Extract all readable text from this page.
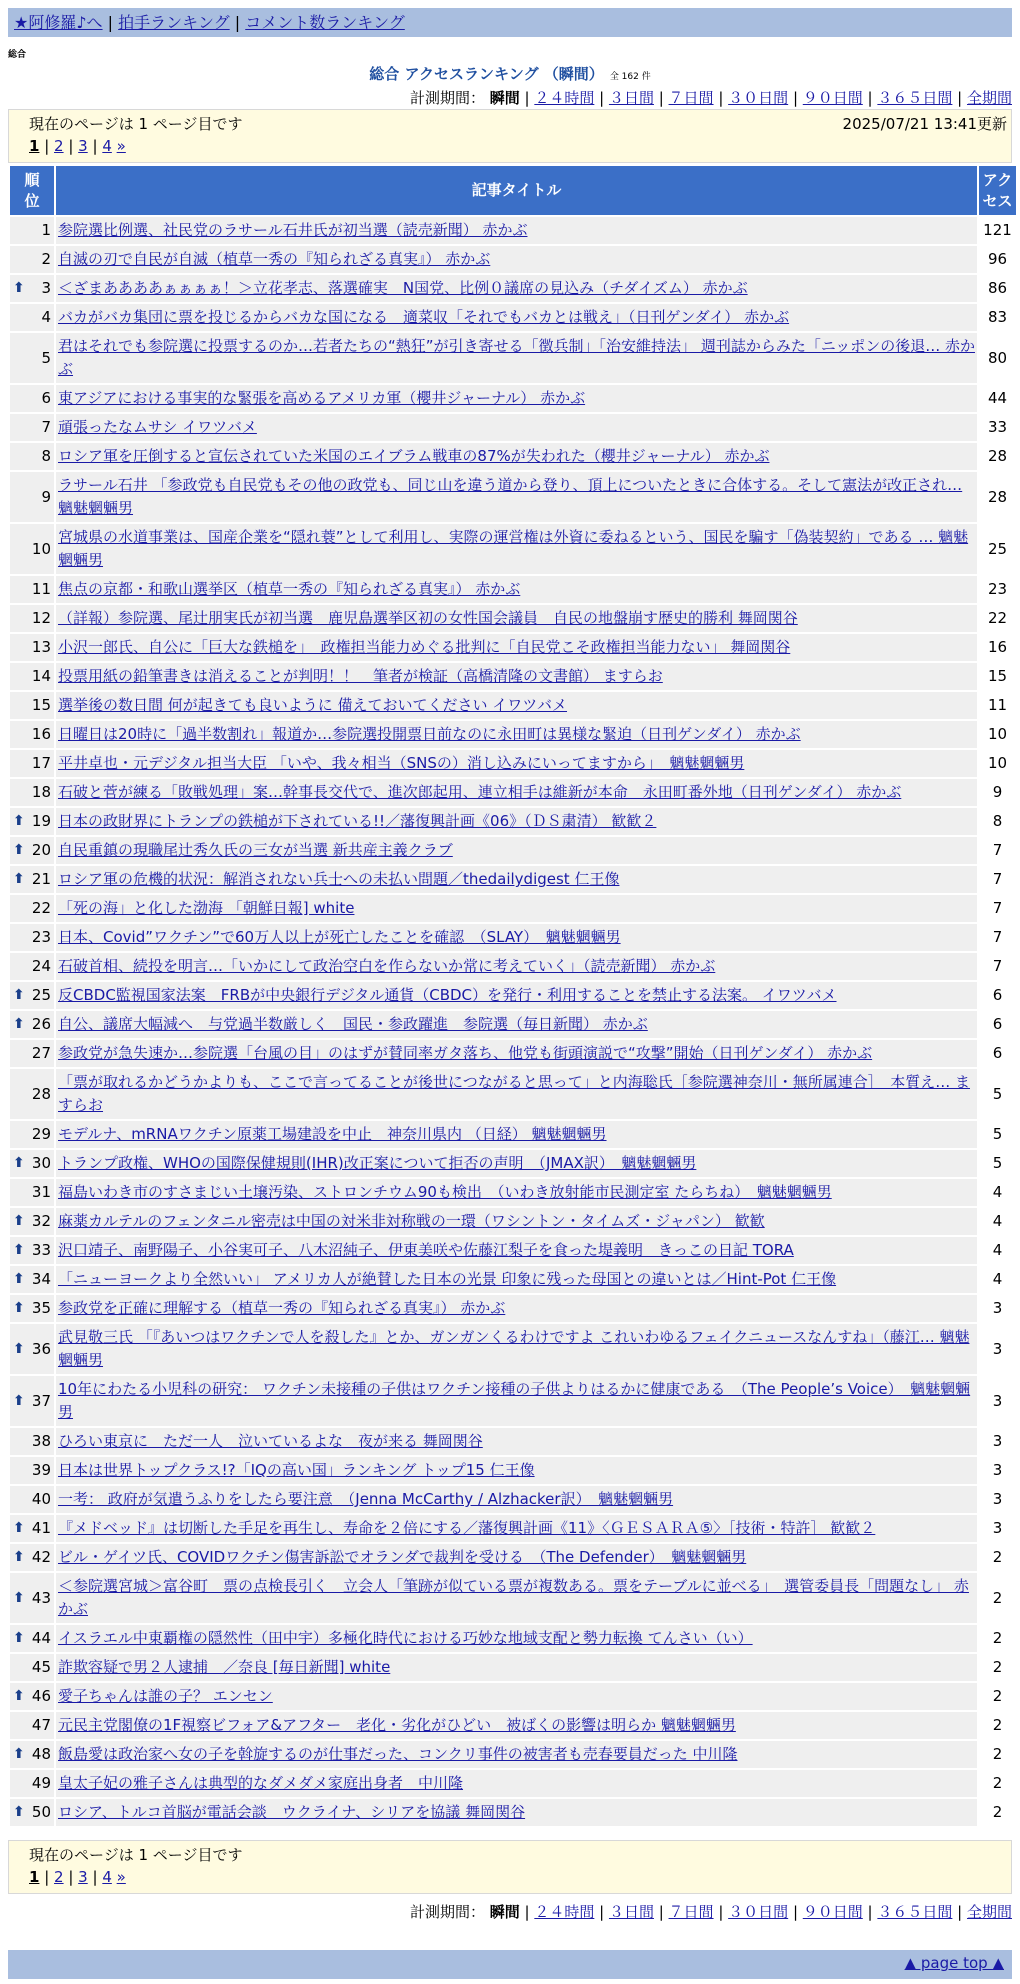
★阿修羅♪へ | 拍手ランキング | コメント数ランキング
総合
総合 アクセスランキング （瞬間） 全 162 件
計測期間： 瞬間 | ２４時間 | ３日間 | ７日間 | ３０日間 | ９０日間 | ３６５日間 | 全期間
現在のページは 1 ページ目です	2025/07/21 13:41更新
1 | 2 | 3 | 4 »
順
位	記事タイトル	アク
セス
1	参院選比例選、社民党のラサール石井氏が初当選（読売新聞） 赤かぶ	121
2	自滅の刃で自民が自滅（植草一秀の『知られざる真実』） 赤かぶ	96

⬆ 3	＜ざまああああぁぁぁぁ！＞立花孝志、落選確実　N国党、比例０議席の見込み（チダイズム） 赤かぶ	86
4	バカがバカ集団に票を投じるからバカな国になる　適菜収「それでもバカとは戦え」（日刊ゲンダイ） 赤かぶ	83
5	君はそれでも参院選に投票するのか…若者たちの“熱狂”が引き寄せる「徴兵制」「治安維持法」 週刊誌からみた「ニッポンの後退… 赤かぶ	80
6	東アジアにおける事実的な緊張を高めるアメリカ軍（櫻井ジャーナル） 赤かぶ	44
7	頑張ったなムサシ イワツバメ	33
8	ロシア軍を圧倒すると宣伝されていた米国のエイブラム戦車の87%が失われた（櫻井ジャーナル） 赤かぶ	28
9	ラサール石井 「参政党も自民党もその他の政党も、同じ山を違う道から登り、頂上についたときに合体する。そして憲法が改正され… 魑魅魍魎男	28
10	宮城県の水道事業は、国産企業を“隠れ蓑”として利用し、実際の運営権は外資に委ねるという、国民を騙す「偽装契約」である … 魑魅魍魎男	25
11	焦点の京都・和歌山選挙区（植草一秀の『知られざる真実』） 赤かぶ	23
12	（詳報）参院選、尾辻朋実氏が初当選　鹿児島選挙区初の女性国会議員　自民の地盤崩す歴史的勝利 舞岡関谷	22
13	小沢一郎氏、自公に「巨大な鉄槌を」　政権担当能力めぐる批判に「自民党こそ政権担当能力ない」 舞岡関谷	16
14	投票用紙の鉛筆書きは消えることが判明！！　筆者が検証（高橋清隆の文書館） ますらお	15
15	選挙後の数日間 何が起きても良いように 備えておいてください イワツバメ	11
16	日曜日は20時に「過半数割れ」報道か…参院選投開票日前なのに永田町は異様な緊迫（日刊ゲンダイ） 赤かぶ	10
17	平井卓也・元デジタル担当大臣 「いや、我々相当（SNSの）消し込みにいってますから」　魑魅魍魎男	10
18	石破と菅が練る「敗戦処理」案…幹事長交代で、進次郎起用、連立相手は維新が本命　永田町番外地（日刊ゲンダイ） 赤かぶ	9

⬆ 19	日本の政財界にトランプの鉄槌が下されている!!／藩復興計画《06》（ＤＳ粛清） 歓歓２	8

⬆ 20	自民重鎮の現職尾辻秀久氏の三女が当選 新共産主義クラブ	7

⬆ 21	ロシア軍の危機的状況：解消されない兵士への未払い問題／thedailydigest 仁王像	7
22	「死の海」と化した渤海 「朝鮮日報] white	7
23	日本、Covid”ワクチン”で60万人以上が死亡したことを確認　（SLAY）　魑魅魍魎男	7
24	石破首相、続投を明言…「いかにして政治空白を作らないか常に考えていく」（読売新聞） 赤かぶ	7

⬆ 25	反CBDC監視国家法案　FRBが中央銀行デジタル通貨（CBDC）を発行・利用することを禁止する法案。 イワツバメ	6

⬆ 26	自公、議席大幅減へ　与党過半数厳しく　国民・参政躍進　参院選（毎日新聞） 赤かぶ	6
27	参政党が急失速か…参院選「台風の目」のはずが賛同率ガタ落ち、他党も街頭演説で“攻撃”開始（日刊ゲンダイ） 赤かぶ	6
28	「票が取れるかどうかよりも、ここで言ってることが後世につながると思って」と内海聡氏［参院選神奈川・無所属連合］　本質え… ますらお	5
29	モデルナ、mRNAワクチン原薬工場建設を中止　神奈川県内 （日経） 魑魅魍魎男	5

⬆ 30	トランプ政権、WHOの国際保健規則(IHR)改正案について拒否の声明　（JMAX訳）　魑魅魍魎男	5
31	福島いわき市のすさまじい土壌汚染、ストロンチウム90も検出　（いわき放射能市民測定室 たらちね）　魑魅魍魎男	4

⬆ 32	麻薬カルテルのフェンタニル密売は中国の対米非対称戦の一環（ワシントン・タイムズ・ジャパン） 歓歓	4

⬆ 33	沢口靖子、南野陽子、小谷実可子、八木沼純子、伊東美咲や佐藤江梨子を食った堤義明　きっこの日記 TORA	4

⬆ 34	「ニューヨークより全然いい」 アメリカ人が絶賛した日本の光景 印象に残った母国との違いとは／Hint-Pot 仁王像	4

⬆ 35	参政党を正確に理解する（植草一秀の『知られざる真実』） 赤かぶ	3

⬆ 36	武見敬三氏 「『あいつはワクチンで人を殺した』とか、ガンガンくるわけですよ これいわゆるフェイクニュースなんすね」（藤江… 魑魅魍魎男	3

⬆ 37	10年にわたる小児科の研究： ワクチン未接種の子供はワクチン接種の子供よりはるかに健康である　（The People’s Voice）　魑魅魍魎男	3
38	ひろい東京に　ただ一人　泣いているよな　夜が来る 舞岡関谷	3
39	日本は世界トップクラス!?「IQの高い国」ランキング トップ15 仁王像	3
40	一考： 政府が気遣うふりをしたら要注意　（Jenna McCarthy / Alzhacker訳）　魑魅魍魎男	3

⬆ 41	『メドベッド』は切断した手足を再生し、寿命を２倍にする／藩復興計画《11》〈ＧＥＳＡＲＡ⑤〉［技術・特許］ 歓歓２	3

⬆ 42	ビル・ゲイツ氏、COVIDワクチン傷害訴訟でオランダで裁判を受ける　（The Defender）　魑魅魍魎男	2

⬆ 43	＜参院選宮城＞富谷町　票の点検長引く　立会人「筆跡が似ている票が複数ある。票をテーブルに並べる」　選管委員長「問題なし」 赤かぶ	2

⬆ 44	イスラエル中東覇権の隠然性（田中宇）多極化時代における巧妙な地域支配と勢力転換 てんさい（い）	2
45	詐欺容疑で男２人逮捕　／奈良 [毎日新聞] white	2

⬆ 46	愛子ちゃんは誰の子？ エンセン	2
47	元民主党閣僚の1F視察ビフォア&アフター　老化・劣化がひどい　被ばくの影響は明らか 魑魅魍魎男	2

⬆ 48	飯島愛は政治家へ女の子を斡旋するのが仕事だった、コンクリ事件の被害者も売春要員だった 中川隆	2
49	皇太子妃の雅子さんは典型的なダメダメ家庭出身者　中川隆	2

⬆ 50	ロシア、トルコ首脳が電話会談　ウクライナ、シリアを協議 舞岡関谷	2
現在のページは 1 ページ目です
1 | 2 | 3 | 4 »
計測期間： 瞬間 | ２４時間 | ３日間 | ７日間 | ３０日間 | ９０日間 | ３６５日間 | 全期間
▲ page top ▲
